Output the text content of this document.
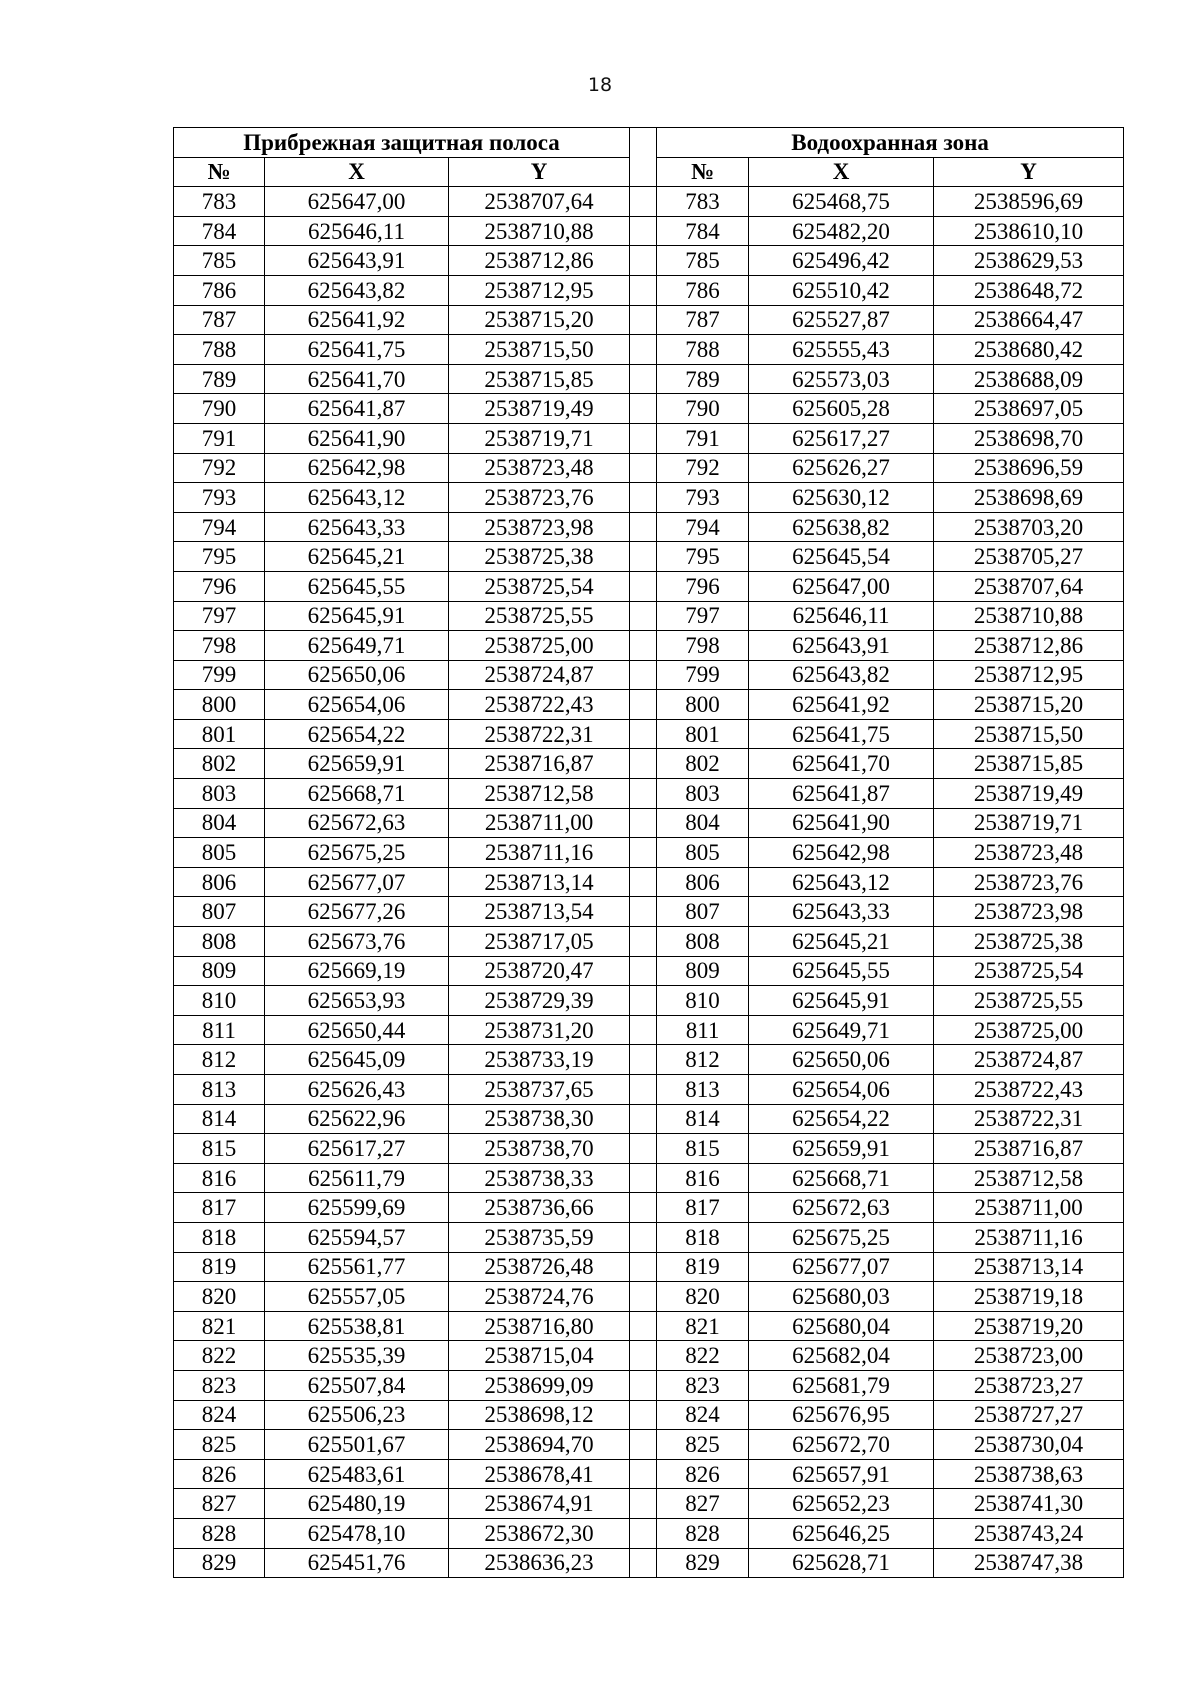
18
Прибрежная защитная полоса				Водоохранная зона		
№	X	Y		№	X	Y
783	625647,00	2538707,64		783	625468,75	2538596,69
784	625646,11	2538710,88		784	625482,20	2538610,10
785	625643,91	2538712,86		785	625496,42	2538629,53
786	625643,82	2538712,95		786	625510,42	2538648,72
787	625641,92	2538715,20		787	625527,87	2538664,47
788	625641,75	2538715,50		788	625555,43	2538680,42
789	625641,70	2538715,85		789	625573,03	2538688,09
790	625641,87	2538719,49		790	625605,28	2538697,05
791	625641,90	2538719,71		791	625617,27	2538698,70
792	625642,98	2538723,48		792	625626,27	2538696,59
793	625643,12	2538723,76		793	625630,12	2538698,69
794	625643,33	2538723,98		794	625638,82	2538703,20
795	625645,21	2538725,38		795	625645,54	2538705,27
796	625645,55	2538725,54		796	625647,00	2538707,64
797	625645,91	2538725,55		797	625646,11	2538710,88
798	625649,71	2538725,00		798	625643,91	2538712,86
799	625650,06	2538724,87		799	625643,82	2538712,95
800	625654,06	2538722,43		800	625641,92	2538715,20
801	625654,22	2538722,31		801	625641,75	2538715,50
802	625659,91	2538716,87		802	625641,70	2538715,85
803	625668,71	2538712,58		803	625641,87	2538719,49
804	625672,63	2538711,00		804	625641,90	2538719,71
805	625675,25	2538711,16		805	625642,98	2538723,48
806	625677,07	2538713,14		806	625643,12	2538723,76
807	625677,26	2538713,54		807	625643,33	2538723,98
808	625673,76	2538717,05		808	625645,21	2538725,38
809	625669,19	2538720,47		809	625645,55	2538725,54
810	625653,93	2538729,39		810	625645,91	2538725,55
811	625650,44	2538731,20		811	625649,71	2538725,00
812	625645,09	2538733,19		812	625650,06	2538724,87
813	625626,43	2538737,65		813	625654,06	2538722,43
814	625622,96	2538738,30		814	625654,22	2538722,31
815	625617,27	2538738,70		815	625659,91	2538716,87
816	625611,79	2538738,33		816	625668,71	2538712,58
817	625599,69	2538736,66		817	625672,63	2538711,00
818	625594,57	2538735,59		818	625675,25	2538711,16
819	625561,77	2538726,48		819	625677,07	2538713,14
820	625557,05	2538724,76		820	625680,03	2538719,18
821	625538,81	2538716,80		821	625680,04	2538719,20
822	625535,39	2538715,04		822	625682,04	2538723,00
823	625507,84	2538699,09		823	625681,79	2538723,27
824	625506,23	2538698,12		824	625676,95	2538727,27
825	625501,67	2538694,70		825	625672,70	2538730,04
826	625483,61	2538678,41		826	625657,91	2538738,63
827	625480,19	2538674,91		827	625652,23	2538741,30
828	625478,10	2538672,30		828	625646,25	2538743,24
829	625451,76	2538636,23		829	625628,71	2538747,38
